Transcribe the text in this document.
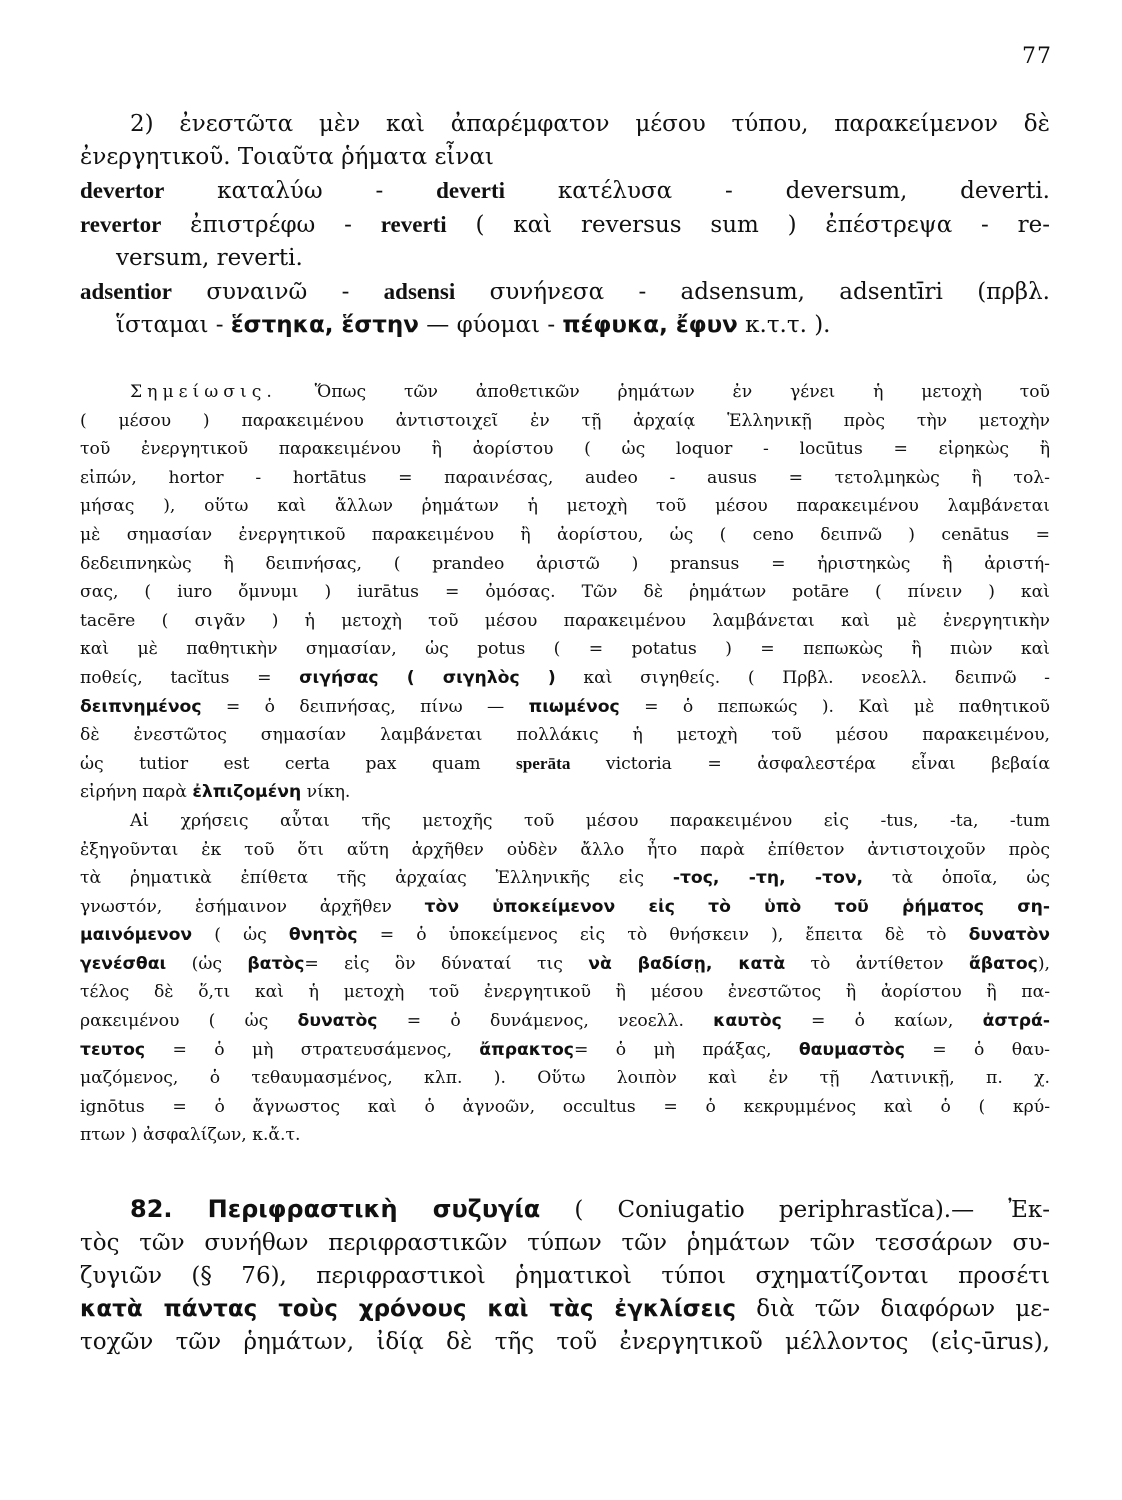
77
2) ἐνεστῶτα μὲν καὶ ἀπαρέμφατον μέσου τύπου, παρακείμενον δὲ
ἐνεργητικοῦ. Τοιαῦτα ῥήματα εἶναι
devertor καταλύω - deverti κατέλυσα - deversum, deverti.
revertor ἐπιστρέφω - reverti ( καὶ reversus sum ) ἐπέστρεψα - re-
versum, reverti.
adsentior συναινῶ - adsensi συνήνεσα - adsensum, adsentīri (πρβλ.
ἵσταμαι - ἕστηκα, ἕστην — φύομαι - πέφυκα, ἔφυν κ.τ.τ. ).
Σημείωσις. Ὅπως τῶν ἀποθετικῶν ῥημάτων ἐν γένει ἡ μετοχὴ τοῦ
( μέσου ) παρακειμένου ἀντιστοιχεῖ ἐν τῇ ἀρχαίᾳ Ἑλληνικῇ πρὸς τὴν μετοχὴν
τοῦ ἐνεργητικοῦ παρακειμένου ἢ ἀορίστου ( ὡς loquor - locūtus = εἰρηκὼς ἢ
εἰπών, hortor - hortātus = παραινέσας, audeo - ausus = τετολμηκὼς ἢ τολ-
μήσας ), οὕτω καὶ ἄλλων ῥημάτων ἡ μετοχὴ τοῦ μέσου παρακειμένου λαμβάνεται
μὲ σημασίαν ἐνεργητικοῦ παρακειμένου ἢ ἀορίστου, ὡς ( ceno δειπνῶ ) cenātus =
δεδειπνηκὼς ἢ δειπνήσας, ( prandeo ἀριστῶ ) pransus = ἠριστηκὼς ἢ ἀριστή-
σας, ( iuro ὄμνυμι ) iurātus = ὀμόσας. Τῶν δὲ ῥημάτων potāre ( πίνειν ) καὶ
tacēre ( σιγᾶν ) ἡ μετοχὴ τοῦ μέσου παρακειμένου λαμβάνεται καὶ μὲ ἐνεργητικὴν
καὶ μὲ παθητικὴν σημασίαν, ὡς potus ( = potatus ) = πεπωκὼς ἢ πιὼν καὶ
ποθείς, tacĭtus = σιγήσας ( σιγηλὸς ) καὶ σιγηθείς. ( Πρβλ. νεοελλ. δειπνῶ -
δειπνημένος = ὁ δειπνήσας, πίνω — πιωμένος = ὁ πεπωκώς ). Καὶ μὲ παθητικοῦ
δὲ ἐνεστῶτος σημασίαν λαμβάνεται πολλάκις ἡ μετοχὴ τοῦ μέσου παρακειμένου,
ὡς tutior est certa pax quam sperāta victoria = ἀσφαλεστέρα εἶναι βεβαία
εἰρήνη παρὰ ἐλπιζομένη νίκη.
Αἱ χρήσεις αὗται τῆς μετοχῆς τοῦ μέσου παρακειμένου εἰς -tus, -ta, -tum
ἐξηγοῦνται ἐκ τοῦ ὅτι αὕτη ἀρχῆθεν οὐδὲν ἄλλο ἦτο παρὰ ἐπίθετον ἀντιστοιχοῦν πρὸς
τὰ ῥηματικὰ ἐπίθετα τῆς ἀρχαίας Ἑλληνικῆς εἰς -τος, -τη, -τον, τὰ ὁποῖα, ὡς
γνωστόν, ἐσήμαινον ἀρχῆθεν τὸν ὑποκείμενον εἰς τὸ ὑπὸ τοῦ ῥήματος ση-
μαινόμενον ( ὡς θνητὸς = ὁ ὑποκείμενος εἰς τὸ θνήσκειν ), ἔπειτα δὲ τὸ δυνατὸν
γενέσθαι (ὡς βατὸς= εἰς ὃν δύναταί τις νὰ βαδίσῃ, κατὰ τὸ ἀντίθετον ἄβατος),
τέλος δὲ ὅ,τι καὶ ἡ μετοχὴ τοῦ ἐνεργητικοῦ ἢ μέσου ἐνεστῶτος ἢ ἀορίστου ἢ πα-
ρακειμένου ( ὡς δυνατὸς = ὁ δυνάμενος, νεοελλ. καυτὸς = ὁ καίων, ἀστρά-
τευτος = ὁ μὴ στρατευσάμενος, ἄπρακτος= ὁ μὴ πράξας, θαυμαστὸς = ὁ θαυ-
μαζόμενος, ὁ τεθαυμασμένος, κλπ. ). Οὕτω λοιπὸν καὶ ἐν τῇ Λατινικῇ, π. χ.
ignōtus = ὁ ἄγνωστος καὶ ὁ ἀγνοῶν, occultus = ὁ κεκρυμμένος καὶ ὁ ( κρύ-
πτων ) ἀσφαλίζων, κ.ἄ.τ.
82. Περιφραστικὴ συζυγία ( Coniugatio periphrastĭca).— Ἐκ-
τὸς τῶν συνήθων περιφραστικῶν τύπων τῶν ῥημάτων τῶν τεσσάρων συ-
ζυγιῶν (§ 76), περιφραστικοὶ ῥηματικοὶ τύποι σχηματίζονται προσέτι
κατὰ πάντας τοὺς χρόνους καὶ τὰς ἐγκλίσεις διὰ τῶν διαφόρων με-
τοχῶν τῶν ῥημάτων, ἰδίᾳ δὲ τῆς τοῦ ἐνεργητικοῦ μέλλοντος (εἰς-ūrus),
